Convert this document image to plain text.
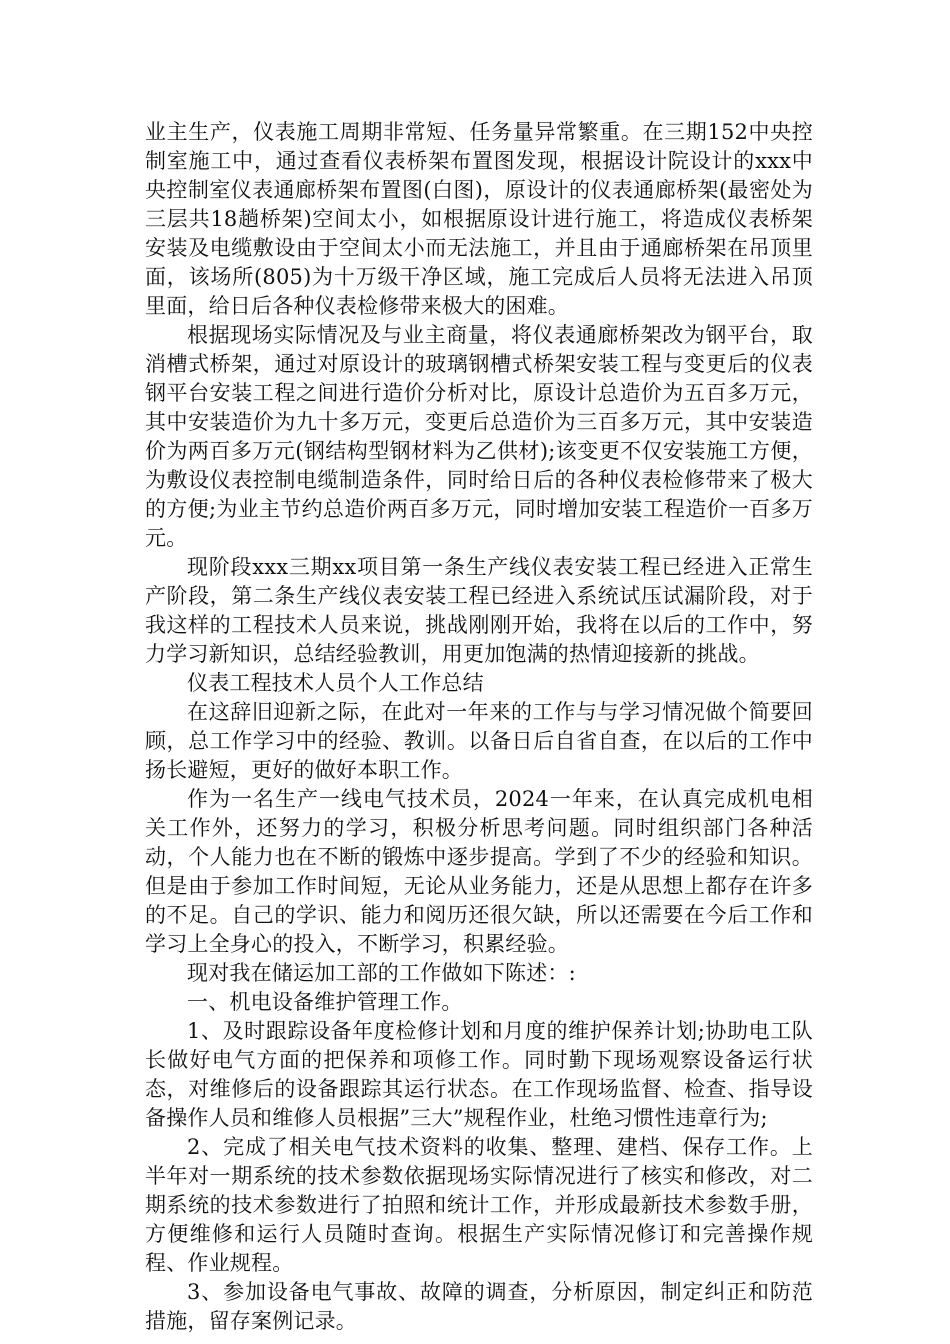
业主生产，仪表施工周期非常短、任务量异常繁重。在三期152中央控制室施工中，通过查看仪表桥架布置图发现，根据设计院设计的xxx中央控制室仪表通廊桥架布置图(白图)，原设计的仪表通廊桥架(最密处为三层共18趟桥架)空间太小，如根据原设计进行施工，将造成仪表桥架安装及电缆敷设由于空间太小而无法施工，并且由于通廊桥架在吊顶里面，该场所(805)为十万级干净区域，施工完成后人员将无法进入吊顶里面，给日后各种仪表检修带来极大的困难。

根据现场实际情况及与业主商量，将仪表通廊桥架改为钢平台，取消槽式桥架，通过对原设计的玻璃钢槽式桥架安装工程与变更后的仪表钢平台安装工程之间进行造价分析对比，原设计总造价为五百多万元，其中安装造价为九十多万元，变更后总造价为三百多万元，其中安装造价为两百多万元(钢结构型钢材料为乙供材);该变更不仅安装施工方便，为敷设仪表控制电缆制造条件，同时给日后的各种仪表检修带来了极大的方便;为业主节约总造价两百多万元，同时增加安装工程造价一百多万元。

现阶段xxx三期xx项目第一条生产线仪表安装工程已经进入正常生产阶段，第二条生产线仪表安装工程已经进入系统试压试漏阶段，对于我这样的工程技术人员来说，挑战刚刚开始，我将在以后的工作中，努力学习新知识，总结经验教训，用更加饱满的热情迎接新的挑战。

仪表工程技术人员个人工作总结

在这辞旧迎新之际，在此对一年来的工作与与学习情况做个简要回顾，总工作学习中的经验、教训。以备日后自省自查，在以后的工作中扬长避短，更好的做好本职工作。

作为一名生产一线电气技术员，2024一年来，在认真完成机电相关工作外，还努力的学习，积极分析思考问题。同时组织部门各种活动，个人能力也在不断的锻炼中逐步提高。学到了不少的经验和知识。但是由于参加工作时间短，无论从业务能力，还是从思想上都存在许多的不足。自己的学识、能力和阅历还很欠缺，所以还需要在今后工作和学习上全身心的投入，不断学习，积累经验。

现对我在储运加工部的工作做如下陈述：:

一、机电设备维护管理工作。

1、及时跟踪设备年度检修计划和月度的维护保养计划;协助电工队长做好电气方面的把保养和项修工作。同时勤下现场观察设备运行状态，对维修后的设备跟踪其运行状态。在工作现场监督、检查、指导设备操作人员和维修人员根据”三大”规程作业，杜绝习惯性违章行为;

2、完成了相关电气技术资料的收集、整理、建档、保存工作。上半年对一期系统的技术参数依据现场实际情况进行了核实和修改，对二期系统的技术参数进行了拍照和统计工作，并形成最新技术参数手册，方便维修和运行人员随时查询。根据生产实际情况修订和完善操作规程、作业规程。

3、参加设备电气事故、故障的调查，分析原因，制定纠正和防范措施，留存案例记录。
